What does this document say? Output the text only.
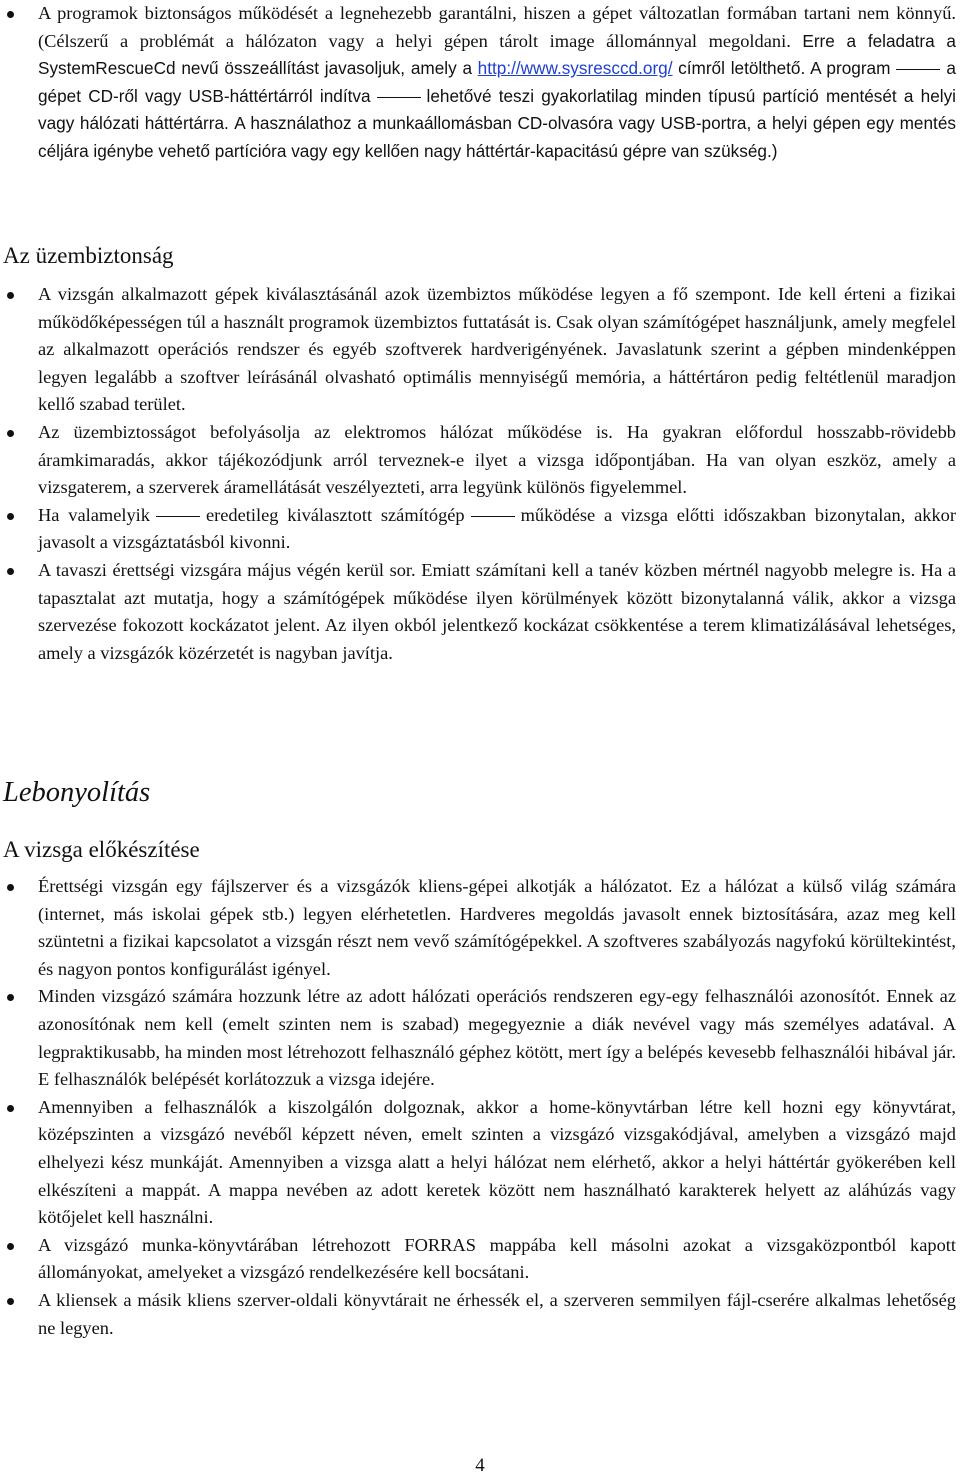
A programok biztonságos működését a legnehezebb garantálni, hiszen a gépet változatlan formában tartani nem könnyű. (Célszerű a problémát a hálózaton vagy a helyi gépen tárolt image állománnyal megoldani. Erre a feladatra a SystemRescueCd nevű összeállítást javasoljuk, amely a http://www.sysresccd.org/ címről letölthető. A program	a gépet CD-ről vagy USB-háttértárról indítva	lehetővé teszi gyakorlatilag minden típusú partíció mentését a helyi vagy hálózati háttértárra. A használathoz a munkaállomásban CD-olvasóra vagy USB-portra, a helyi gépen egy mentés céljára igénybe vehető partícióra vagy egy kellően nagy háttértár-kapacitású gépre van szükség.)
Az üzembiztonság
A vizsgán alkalmazott gépek kiválasztásánál azok üzembiztos működése legyen a fő szempont. Ide kell érteni a fizikai működőképességen túl a használt programok üzembiztos futtatását is. Csak olyan számítógépet használjunk, amely megfelel az alkalmazott operációs rendszer és egyéb szoftverek hardverigényének. Javaslatunk szerint a gépben mindenképpen legyen legalább a szoftver leírásánál olvasható optimális mennyiségű memória, a háttértáron pedig feltétlenül maradjon kellő szabad terület.
Az üzembiztosságot befolyásolja az elektromos hálózat működése is. Ha gyakran előfordul hosszabb-rövidebb áramkimaradás, akkor tájékozódjunk arról terveznek-e ilyet a vizsga időpontjában. Ha van olyan eszköz, amely a vizsgaterem, a szerverek áramellátását veszélyezteti, arra legyünk különös figyelemmel.
Ha valamelyik	eredetileg kiválasztott számítógép	működése a vizsga előtti időszakban bizonytalan, akkor javasolt a vizsgáztatásból kivonni.
A tavaszi érettségi vizsgára május végén kerül sor. Emiatt számítani kell a tanév közben mértnél nagyobb melegre is. Ha a tapasztalat azt mutatja, hogy a számítógépek működése ilyen körülmények között bizonytalanná válik, akkor a vizsga szervezése fokozott kockázatot jelent. Az ilyen okból jelentkező kockázat csökkentése a terem klimatizálásával lehetséges, amely a vizsgázók közérzetét is nagyban javítja.
Lebonyolítás
A vizsga előkészítése
Érettségi vizsgán egy fájlszerver és a vizsgázók kliens-gépei alkotják a hálózatot. Ez a hálózat a külső világ számára (internet, más iskolai gépek stb.) legyen elérhetetlen. Hardveres megoldás javasolt ennek biztosítására, azaz meg kell szüntetni a fizikai kapcsolatot a vizsgán részt nem vevő számítógépekkel. A szoftveres szabályozás nagyfokú körültekintést, és nagyon pontos konfigurálást igényel.
Minden vizsgázó számára hozzunk létre az adott hálózati operációs rendszeren egy-egy felhasználói azonosítót. Ennek az azonosítónak nem kell (emelt szinten nem is szabad) megegyeznie a diák nevével vagy más személyes adatával. A legpraktikusabb, ha minden most létrehozott felhasználó géphez kötött, mert így a belépés kevesebb felhasználói hibával jár. E felhasználók belépését korlátozzuk a vizsga idejére.
Amennyiben a felhasználók a kiszolgálón dolgoznak, akkor a home-könyvtárban létre kell hozni egy könyvtárat, középszinten a vizsgázó nevéből képzett néven, emelt szinten a vizsgázó vizsgakódjával, amelyben a vizsgázó majd elhelyezi kész munkáját. Amennyiben a vizsga alatt a helyi hálózat nem elérhető, akkor a helyi háttértár gyökerében kell elkészíteni a mappát. A mappa nevében az adott keretek között nem használható karakterek helyett az aláhúzás vagy kötőjelet kell használni.
A vizsgázó munka-könyvtárában létrehozott FORRAS mappába kell másolni azokat a vizsgaközpontból kapott állományokat, amelyeket a vizsgázó rendelkezésére kell bocsátani.
A kliensek a másik kliens szerver-oldali könyvtárait ne érhessék el, a szerveren semmilyen fájl-cserére alkalmas lehetőség ne legyen.
4
